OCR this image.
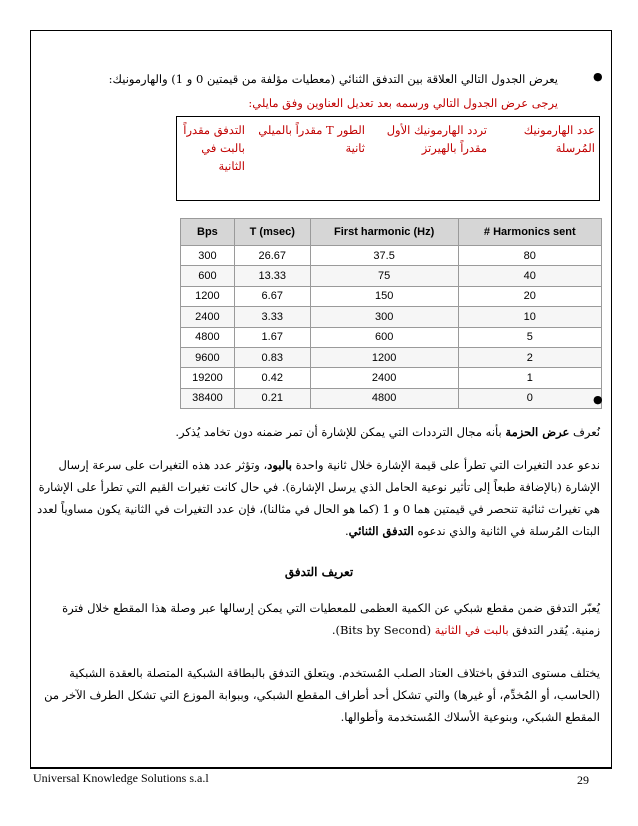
●
يعرض الجدول التالي العلاقة بين التدفق الثنائي (معطيات مؤلفة من قيمتين 0 و 1) والهارمونيك:
يرجى عرض الجدول التالي ورسمه بعد تعديل العناوين وفق مايلي:
عدد الهارمونيك المُرسلة
تردد الهارمونيك الأول مقدراً بالهيرتز
الطور T مقدراً بالميلي ثانية
التدفق مقدراً بالبت في الثانية
Bps	T (msec)	First harmonic (Hz)	# Harmonics sent
300	26.67	37.5	80
600	13.33	75	40
1200	6.67	150	20
2400	3.33	300	10
4800	1.67	600	5
9600	0.83	1200	2
19200	0.42	2400	1
38400	0.21	4800	0	●
نُعرف عرض الحزمة بأنه مجال الترددات التي يمكن للإشارة أن تمر ضمنه دون تخامد يُذكر.
ندعو عدد التغيرات التي تطرأ على قيمة الإشارة خلال ثانية واحدة بالبود، وتؤثر عدد هذه التغيرات على سرعة إرسال الإشارة (بالإضافة طبعاً إلى تأثير نوعية الحامل الذي يرسل الإشارة). في حال كانت تغيرات القيم التي تطرأ على الإشارة هي تغيرات ثنائية تنحصر في قيمتين هما 0 و 1 (كما هو الحال في مثالنا)، فإن عدد التغيرات في الثانية يكون مساوياً لعدد البتات المُرسلة في الثانية والذي ندعوه التدفق الثنائي.
تعريف التدفق
يُعبّر التدفق ضمن مقطع شبكي عن الكمية العظمى للمعطيات التي يمكن إرسالها عبر وصلة هذا المقطع خلال فترة زمنية. يُقدر التدفق بالبت في الثانية (Bits by Second).
يختلف مستوى التدفق باختلاف العتاد الصلب المُستخدم. ويتعلق التدفق بالبطاقة الشبكية المتصلة بالعقدة الشبكية (الحاسب، أو المُخدِّم، أو غيرها) والتي تشكل أحد أطراف المقطع الشبكي، وببوابة الموزع التي تشكل الطرف الآخر من المقطع الشبكي، وبنوعية الأسلاك المُستخدمة وأطوالها.
Universal Knowledge Solutions s.a.l	29
